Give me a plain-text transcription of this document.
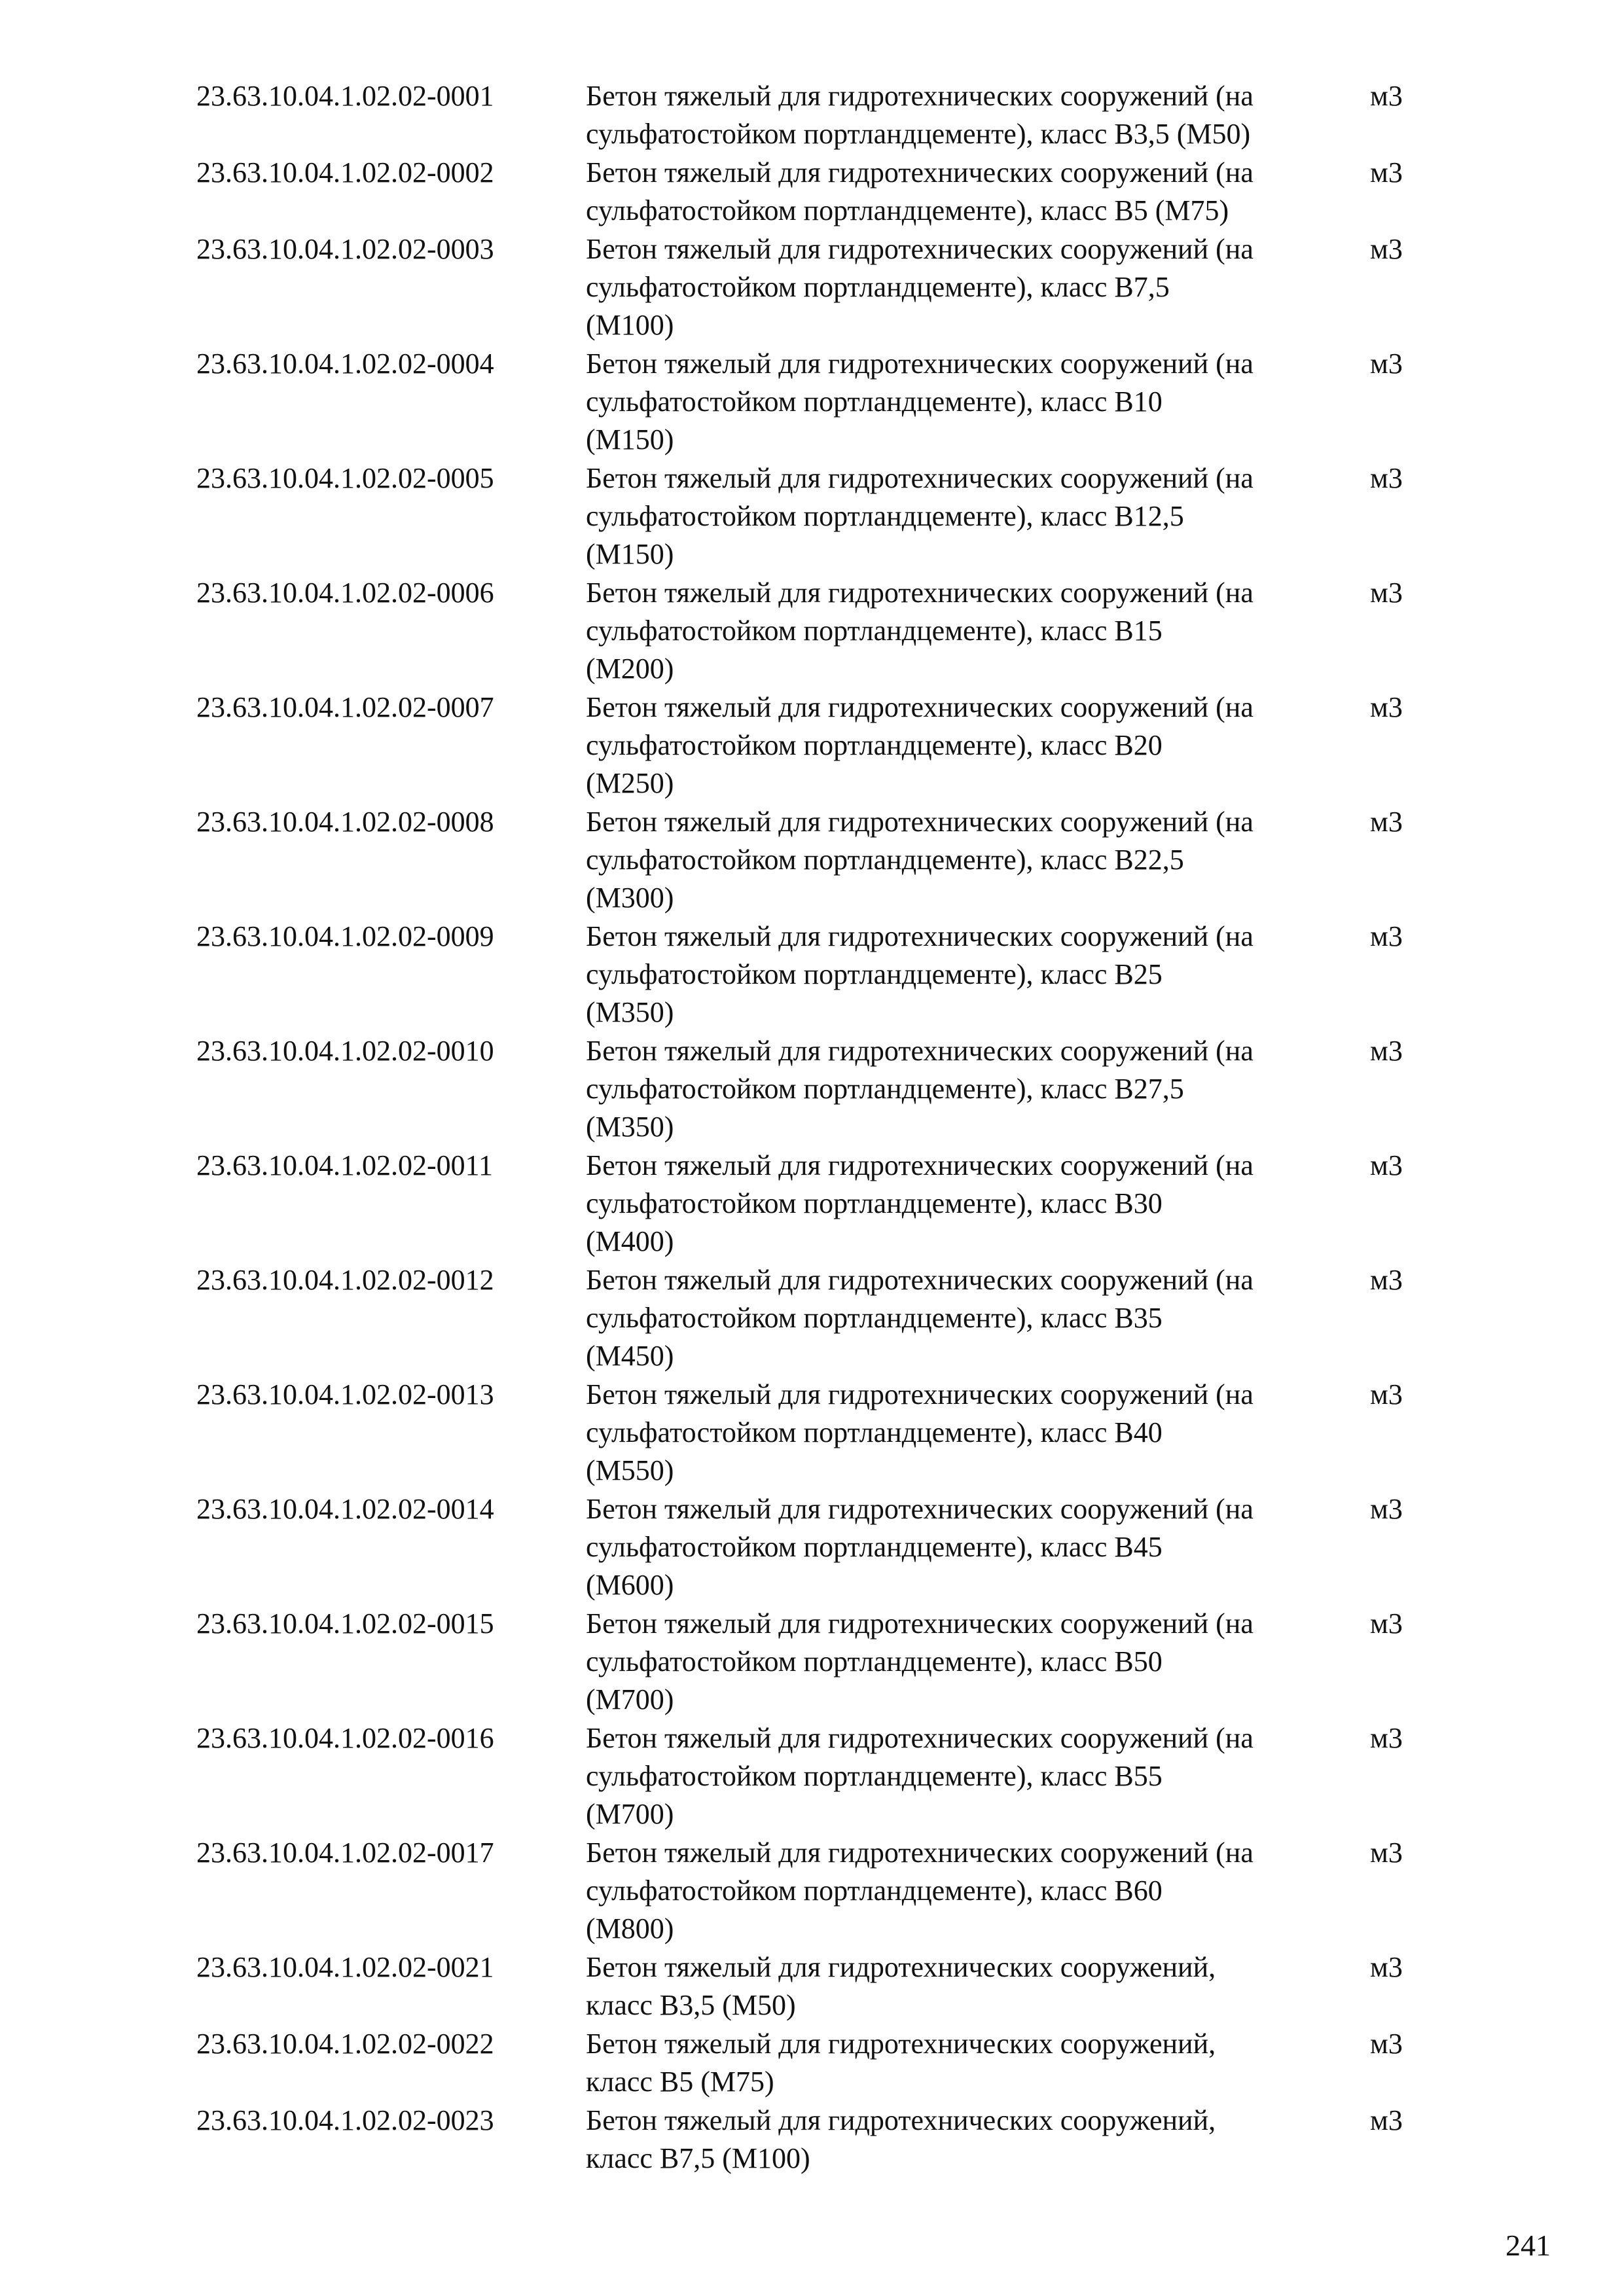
23.63.10.04.1.02.02-0001	Бетон тяжелый для гидротехнических сооружений (на
сульфатостойком портландцементе), класс В3,5 (М50)
м3
23.63.10.04.1.02.02-0002	Бетон тяжелый для гидротехнических сооружений (на
сульфатостойком портландцементе), класс В5 (М75)
м3
23.63.10.04.1.02.02-0003	Бетон тяжелый для гидротехнических сооружений (на
сульфатостойком портландцементе), класс В7,5
(М100)
м3
23.63.10.04.1.02.02-0004	Бетон тяжелый для гидротехнических сооружений (на
сульфатостойком портландцементе), класс В10
(М150)
м3
23.63.10.04.1.02.02-0005	Бетон тяжелый для гидротехнических сооружений (на
сульфатостойком портландцементе), класс В12,5
(М150)
м3
23.63.10.04.1.02.02-0006	Бетон тяжелый для гидротехнических сооружений (на
сульфатостойком портландцементе), класс В15
(М200)
м3
23.63.10.04.1.02.02-0007	Бетон тяжелый для гидротехнических сооружений (на
сульфатостойком портландцементе), класс В20
(М250)
м3
23.63.10.04.1.02.02-0008	Бетон тяжелый для гидротехнических сооружений (на
сульфатостойком портландцементе), класс В22,5
(М300)
м3
23.63.10.04.1.02.02-0009	Бетон тяжелый для гидротехнических сооружений (на
сульфатостойком портландцементе), класс В25
(М350)
м3
23.63.10.04.1.02.02-0010	Бетон тяжелый для гидротехнических сооружений (на
сульфатостойком портландцементе), класс В27,5
(М350)
м3
23.63.10.04.1.02.02-0011	Бетон тяжелый для гидротехнических сооружений (на
сульфатостойком портландцементе), класс В30
(М400)
м3
23.63.10.04.1.02.02-0012	Бетон тяжелый для гидротехнических сооружений (на
сульфатостойком портландцементе), класс В35
(М450)
м3
23.63.10.04.1.02.02-0013	Бетон тяжелый для гидротехнических сооружений (на
сульфатостойком портландцементе), класс В40
(М550)
м3
23.63.10.04.1.02.02-0014	Бетон тяжелый для гидротехнических сооружений (на
сульфатостойком портландцементе), класс В45
(М600)
м3
23.63.10.04.1.02.02-0015	Бетон тяжелый для гидротехнических сооружений (на
сульфатостойком портландцементе), класс В50
(М700)
м3
23.63.10.04.1.02.02-0016	Бетон тяжелый для гидротехнических сооружений (на
сульфатостойком портландцементе), класс В55
(М700)
м3
23.63.10.04.1.02.02-0017	Бетон тяжелый для гидротехнических сооружений (на
сульфатостойком портландцементе), класс В60
(М800)
м3
23.63.10.04.1.02.02-0021	Бетон тяжелый для гидротехнических сооружений,
класс В3,5 (М50)
м3
23.63.10.04.1.02.02-0022	Бетон тяжелый для гидротехнических сооружений,
класс В5 (М75)
м3
23.63.10.04.1.02.02-0023	Бетон тяжелый для гидротехнических сооружений,
класс В7,5 (М100)
м3
241
